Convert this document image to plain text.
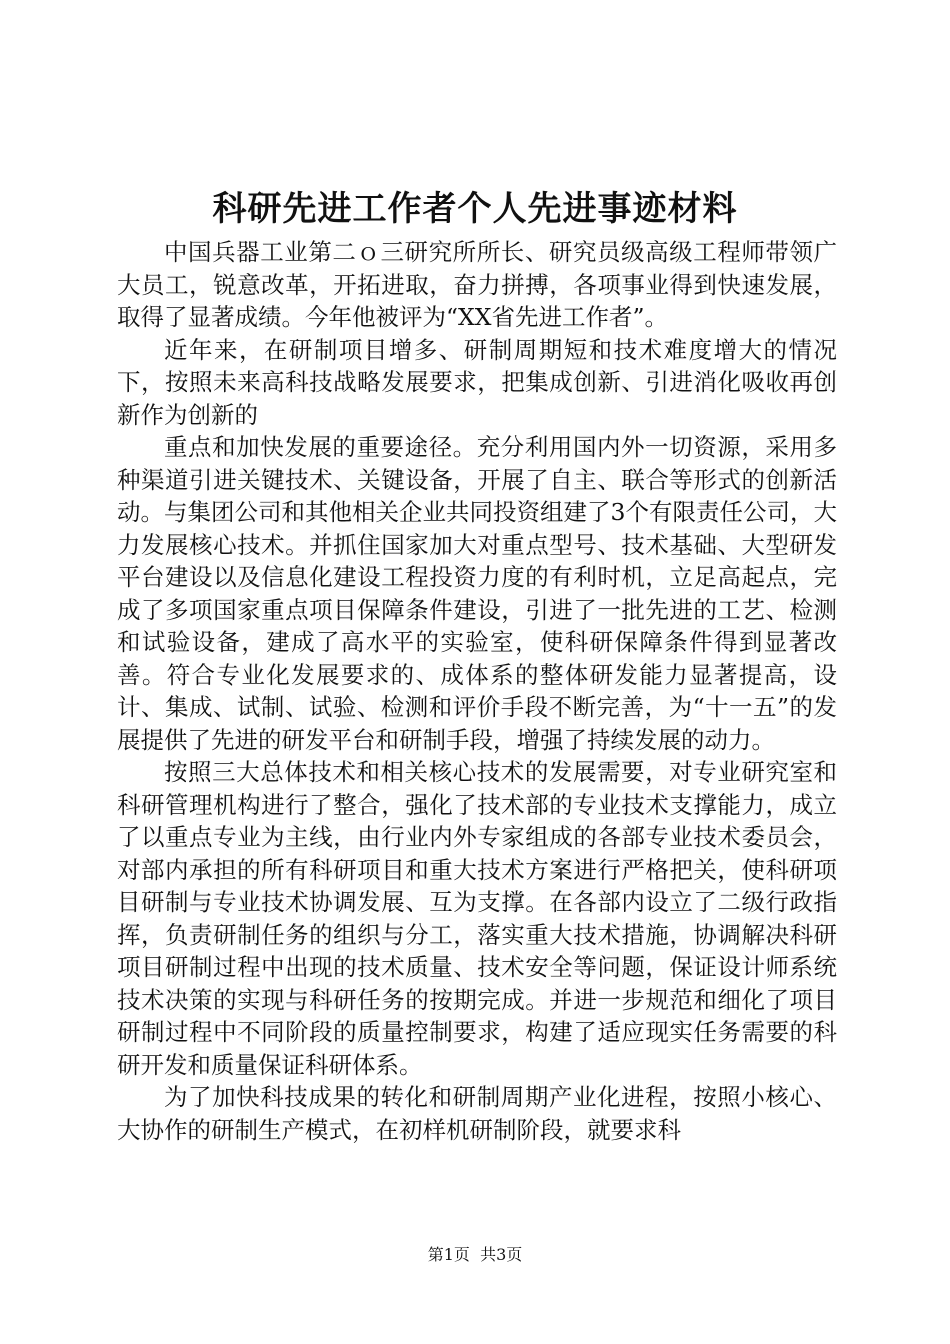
科研先进工作者个人先进事迹材料

中国兵器工业第二ｏ三研究所所长、研究员级高级工程师带领广大员工，锐意改革，开拓进取，奋力拼搏，各项事业得到快速发展，取得了显著成绩。今年他被评为“XX省先进工作者”。

近年来，在研制项目增多、研制周期短和技术难度增大的情况下，按照未来高科技战略发展要求，把集成创新、引进消化吸收再创新作为创新的

重点和加快发展的重要途径。充分利用国内外一切资源，采用多种渠道引进关键技术、关键设备，开展了自主、联合等形式的创新活动。与集团公司和其他相关企业共同投资组建了3个有限责任公司，大力发展核心技术。并抓住国家加大对重点型号、技术基础、大型研发平台建设以及信息化建设工程投资力度的有利时机，立足高起点，完成了多项国家重点项目保障条件建设，引进了一批先进的工艺、检测和试验设备，建成了高水平的实验室，使科研保障条件得到显著改善。符合专业化发展要求的、成体系的整体研发能力显著提高，设计、集成、试制、试验、检测和评价手段不断完善，为“十一五”的发展提供了先进的研发平台和研制手段，增强了持续发展的动力。

按照三大总体技术和相关核心技术的发展需要，对专业研究室和科研管理机构进行了整合，强化了技术部的专业技术支撑能力，成立了以重点专业为主线，由行业内外专家组成的各部专业技术委员会，对部内承担的所有科研项目和重大技术方案进行严格把关，使科研项目研制与专业技术协调发展、互为支撑。在各部内设立了二级行政指挥，负责研制任务的组织与分工，落实重大技术措施，协调解决科研项目研制过程中出现的技术质量、技术安全等问题，保证设计师系统技术决策的实现与科研任务的按期完成。并进一步规范和细化了项目研制过程中不同阶段的质量控制要求，构建了适应现实任务需要的科研开发和质量保证科研体系。

为了加快科技成果的转化和研制周期产业化进程，按照小核心、大协作的研制生产模式，在初样机研制阶段，就要求科

第1页 共3页
